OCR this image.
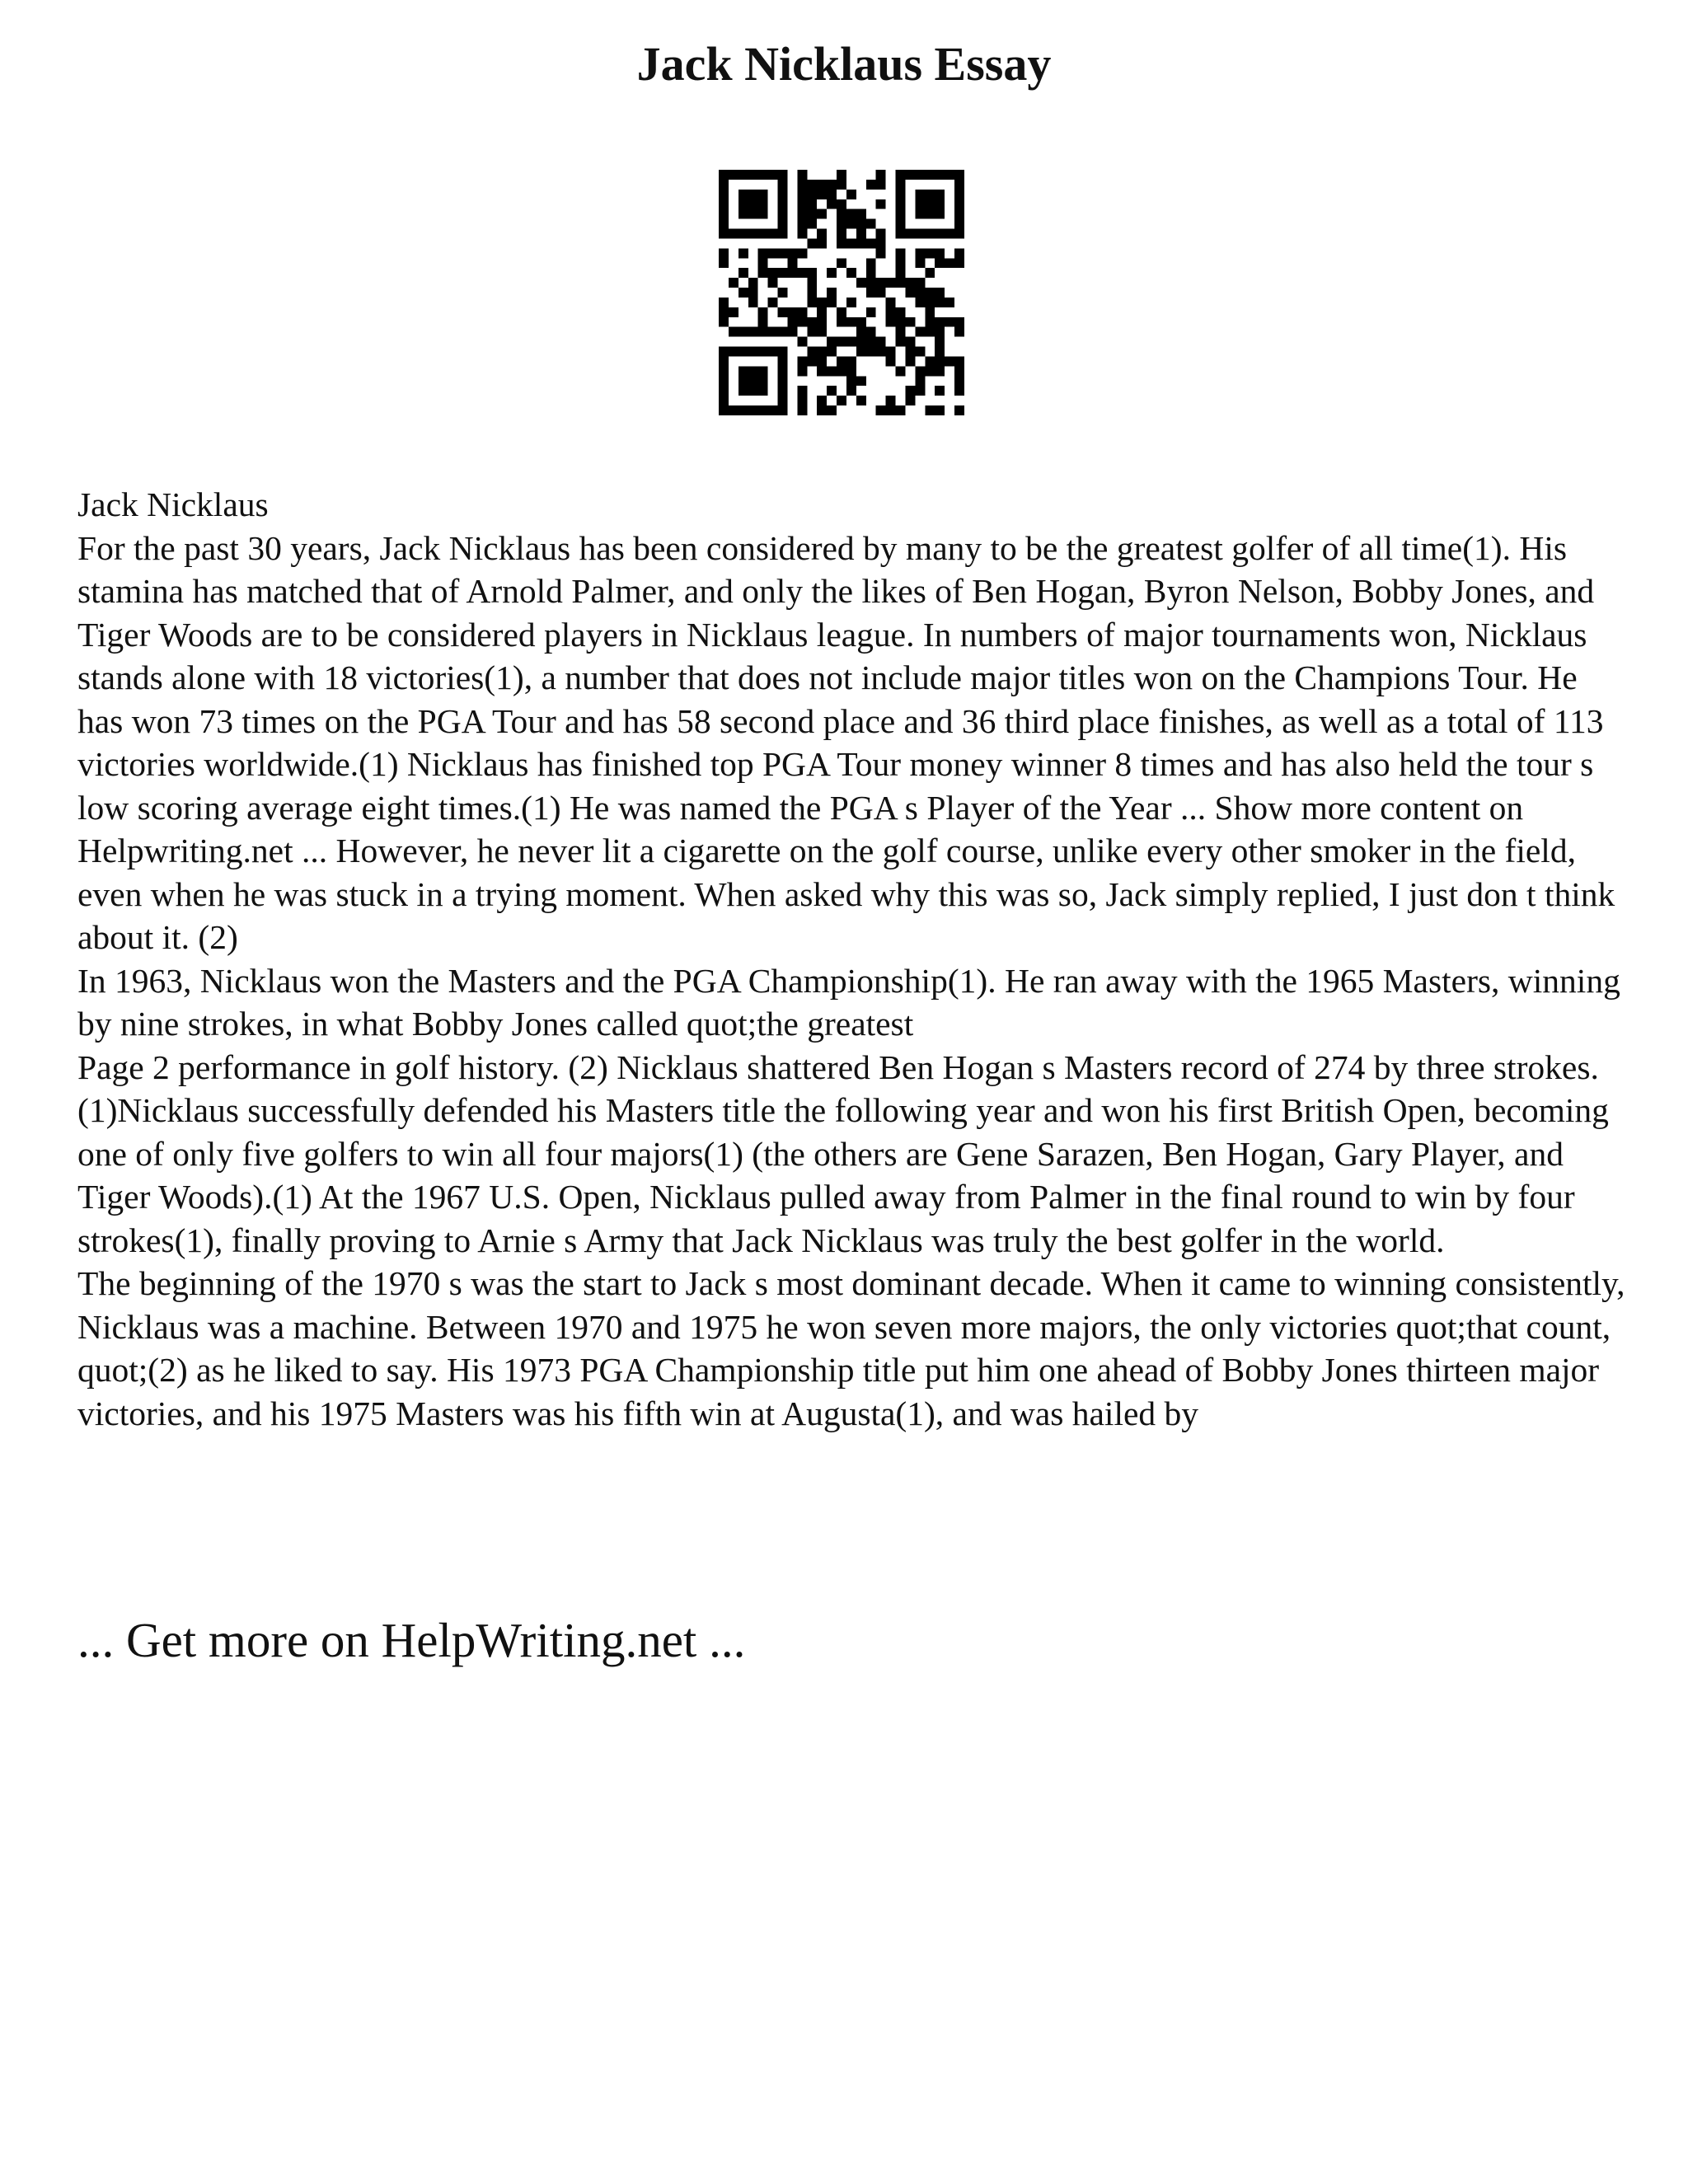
Jack Nicklaus Essay

Jack Nicklaus

For the past 30 years, Jack Nicklaus has been considered by many to be the greatest golfer of all time(1). His stamina has matched that of Arnold Palmer, and only the likes of Ben Hogan, Byron Nelson, Bobby Jones, and Tiger Woods are to be considered players in Nicklaus league. In numbers of major tournaments won, Nicklaus stands alone with 18 victories(1), a number that does not include major titles won on the Champions Tour. He has won 73 times on the PGA Tour and has 58 second place and 36 third place finishes, as well as a total of 113 victories worldwide.(1) Nicklaus has finished top PGA Tour money winner 8 times and has also held the tour s low scoring average eight times.(1) He was named the PGA s Player of the Year ... Show more content on Helpwriting.net ... However, he never lit a cigarette on the golf course, unlike every other smoker in the field, even when he was stuck in a trying moment. When asked why this was so, Jack simply replied, I just don t think about it. (2)

In 1963, Nicklaus won the Masters and the PGA Championship(1). He ran away with the 1965 Masters, winning by nine strokes, in what Bobby Jones called quot;the greatest

Page 2 performance in golf history. (2) Nicklaus shattered Ben Hogan s Masters record of 274 by three strokes.(1)Nicklaus successfully defended his Masters title the following year and won his first British Open, becoming one of only five golfers to win all four majors(1) (the others are Gene Sarazen, Ben Hogan, Gary Player, and Tiger Woods).(1) At the 1967 U.S. Open, Nicklaus pulled away from Palmer in the final round to win by four strokes(1), finally proving to Arnie s Army that Jack Nicklaus was truly the best golfer in the world.

The beginning of the 1970 s was the start to Jack s most dominant decade. When it came to winning consistently, Nicklaus was a machine. Between 1970 and 1975 he won seven more majors, the only victories quot;that count, quot;(2) as he liked to say. His 1973 PGA Championship title put him one ahead of Bobby Jones thirteen major victories, and his 1975 Masters was his fifth win at Augusta(1), and was hailed by

... Get more on HelpWriting.net ...
